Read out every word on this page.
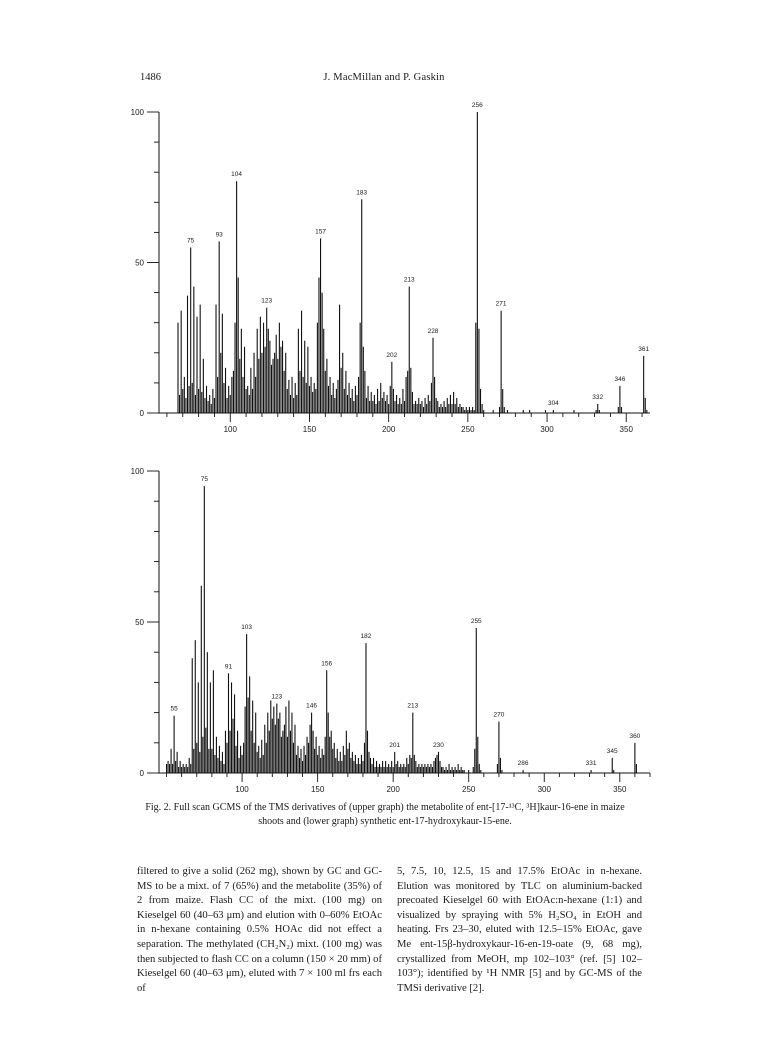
1486	J. MacMillan and P. Gaskin
0
50
100
100	150	200	250	300	350
75
93
104
123
157
183
202
213
228
256
271
304
332
346
361
0
50
100
100	150	200	250	300	350
55
75
91
103
123
146
156
182
201
213
230
255
270
286	331
345
360
Fig. 2. Full scan GCMS of the TMS derivatives of (upper graph) the metabolite of ent-[17-¹³C, ³H]kaur-16-ene in maize shoots and (lower graph) synthetic ent-17-hydroxykaur-15-ene.
filtered to give a solid (262 mg), shown by GC and GC-MS to be a mixt. of 7 (65%) and the metabolite (35%) of 2 from maize. Flash CC of the mixt. (100 mg) on Kieselgel 60 (40–63 μm) and elution with 0–60% EtOAc in n-hexane containing 0.5% HOAc did not effect a separation. The methylated (CH₂N₂) mixt. (100 mg) was then subjected to flash CC on a column (150 × 20 mm) of Kieselgel 60 (40–63 μm), eluted with 7 × 100 ml frs each of
5, 7.5, 10, 12.5, 15 and 17.5% EtOAc in n-hexane. Elution was monitored by TLC on aluminium-backed precoated Kieselgel 60 with EtOAc:n-hexane (1:1) and visualized by spraying with 5% H₂SO₄ in EtOH and heating. Frs 23–30, eluted with 12.5–15% EtOAc, gave Me ent-15β-hydroxykaur-16-en-19-oate (9, 68 mg), crystallized from MeOH, mp 102–103° (ref. [5] 102–103°); identified by ¹H NMR [5] and by GC-MS of the TMSi derivative [2].
